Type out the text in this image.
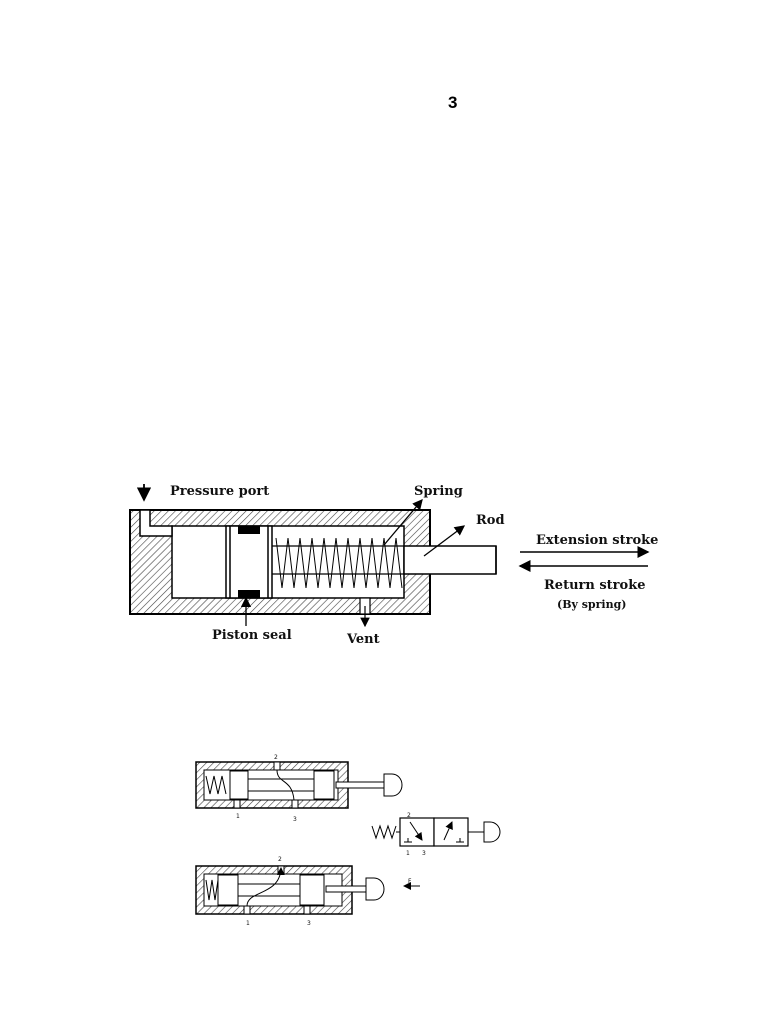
3
Pressure port	Spring
Rod
Extension stroke
Return stroke
(By spring)
Piston seal	Vent
2
1	3
2
1 3
F
2
1	3
